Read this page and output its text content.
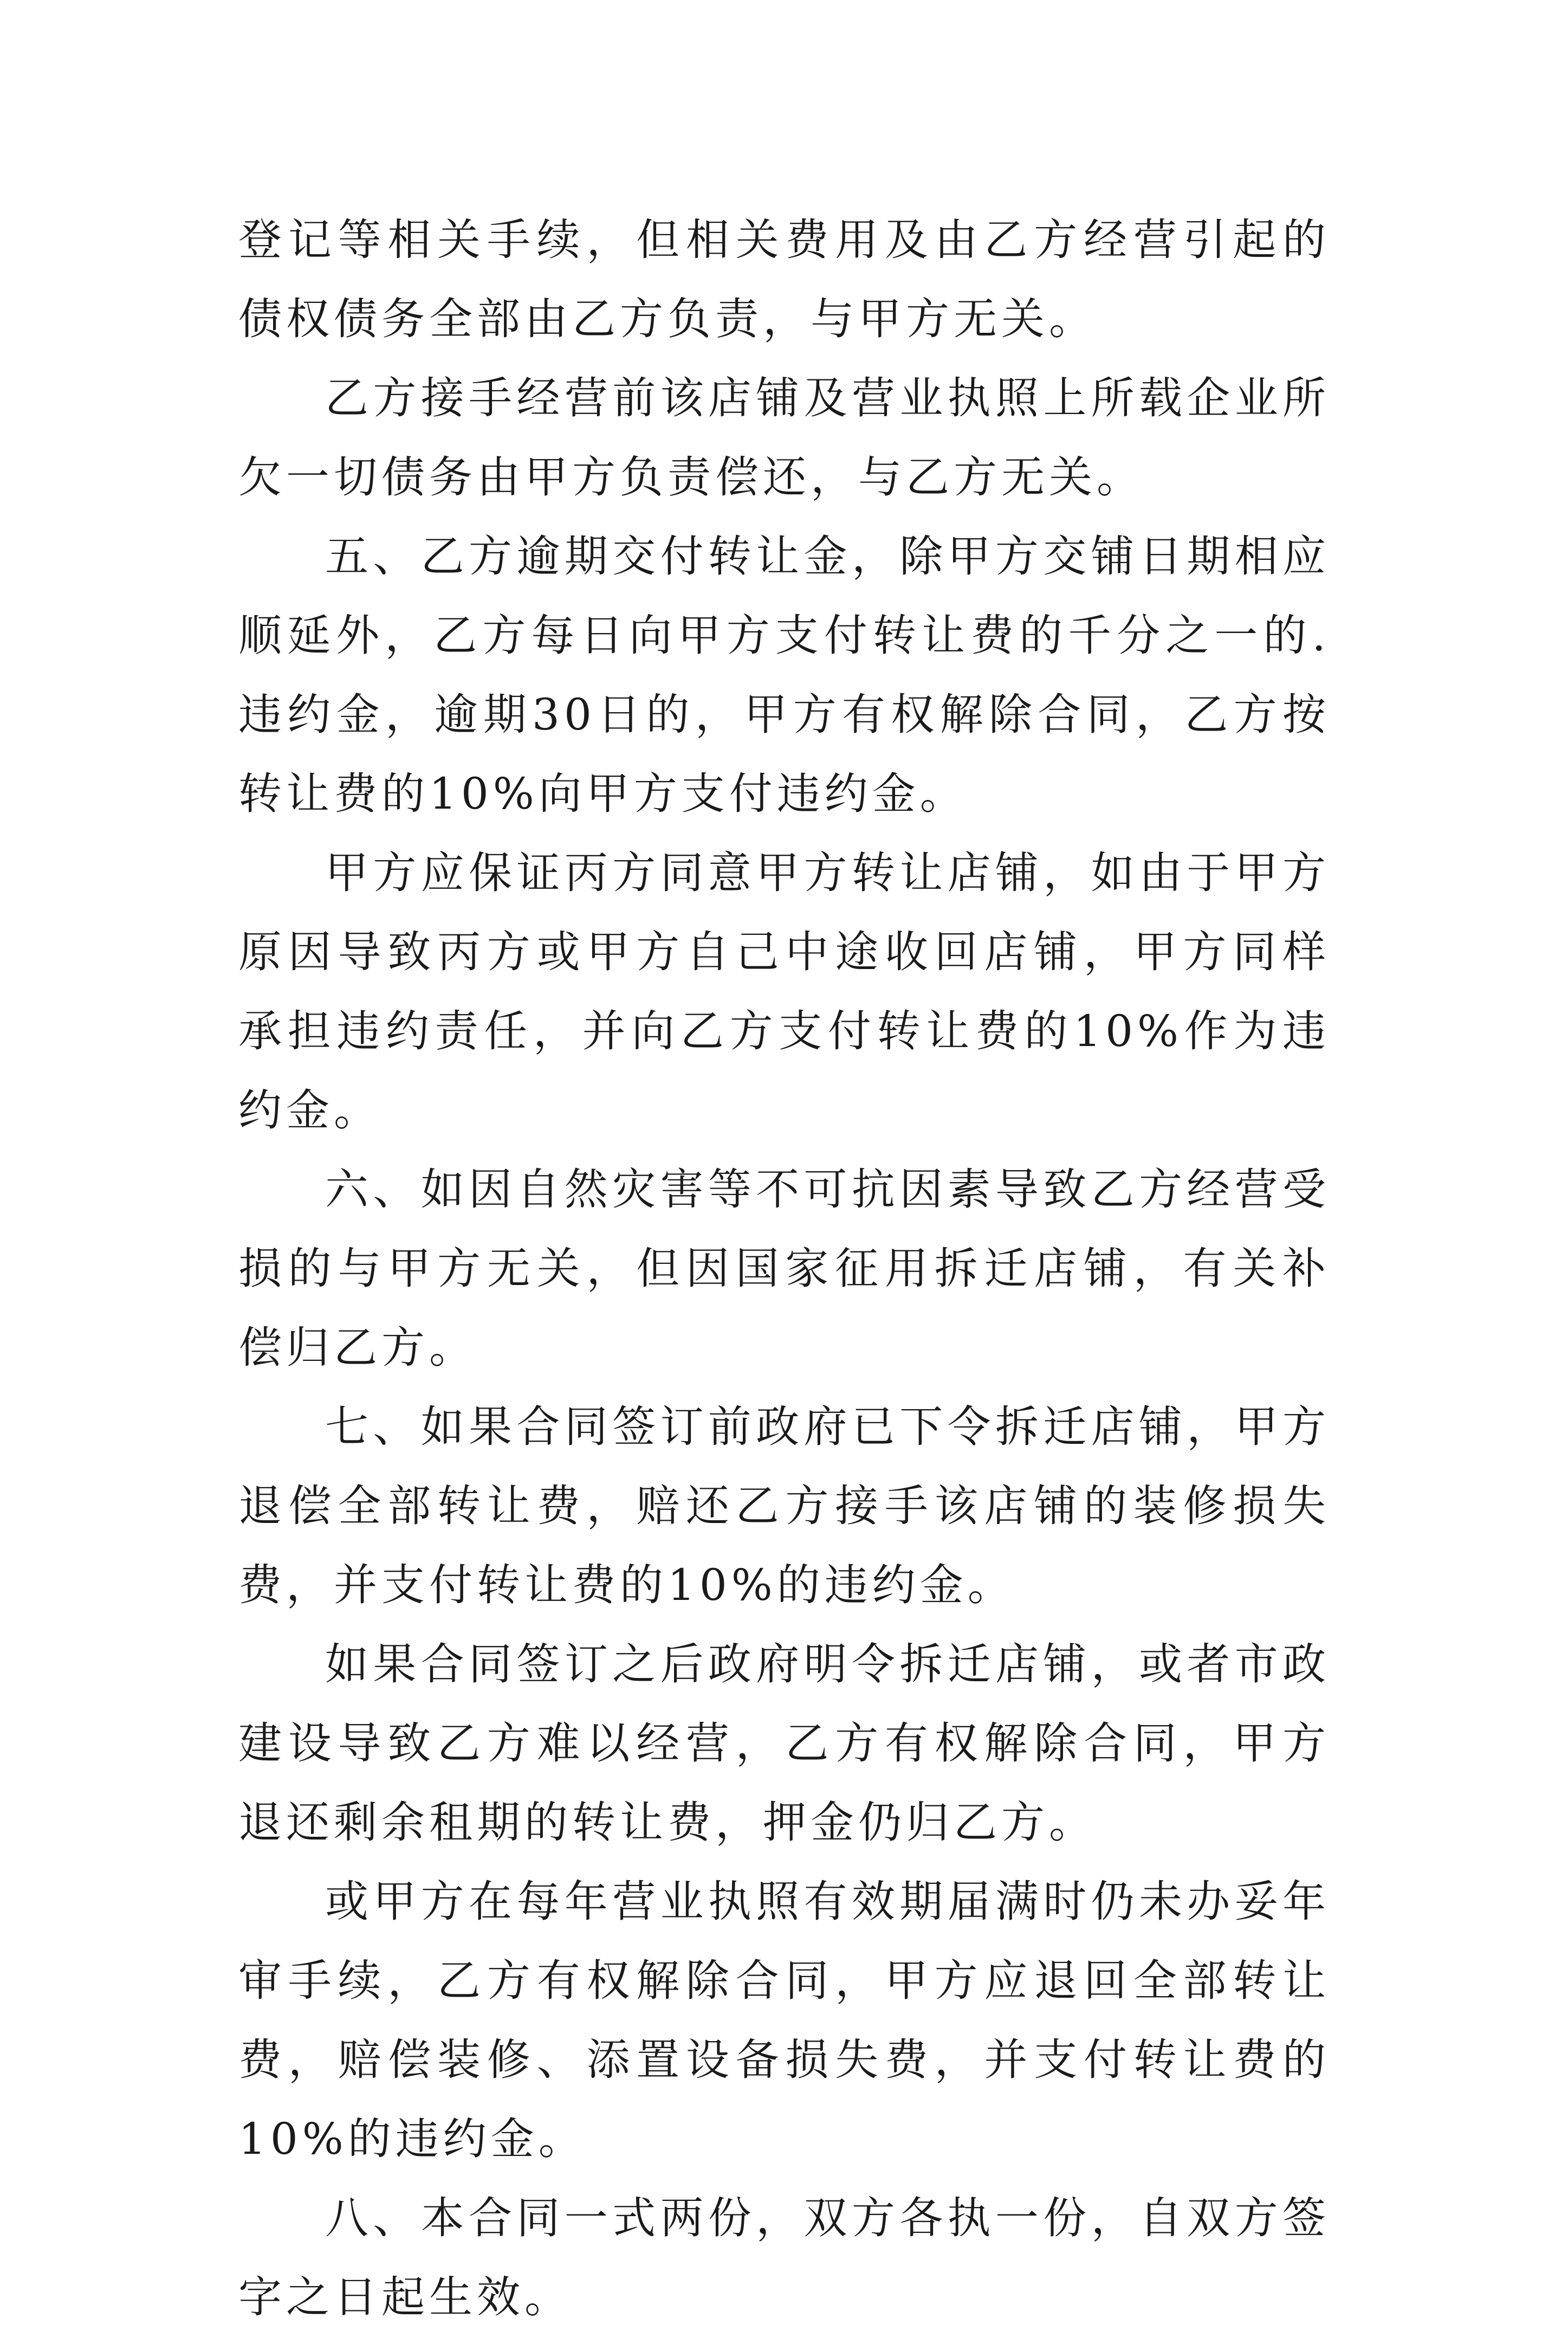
登记等相关手续，但相关费用及由乙方经营引起的债权债务全部由乙方负责，与甲方无关。

乙方接手经营前该店铺及营业执照上所载企业所欠一切债务由甲方负责偿还，与乙方无关。

五、乙方逾期交付转让金，除甲方交铺日期相应顺延外，乙方每日向甲方支付转让费的千分之一的.违约金，逾期30日的，甲方有权解除合同，乙方按转让费的10%向甲方支付违约金。

甲方应保证丙方同意甲方转让店铺，如由于甲方原因导致丙方或甲方自己中途收回店铺，甲方同样承担违约责任，并向乙方支付转让费的10%作为违约金。

六、如因自然灾害等不可抗因素导致乙方经营受损的与甲方无关，但因国家征用拆迁店铺，有关补偿归乙方。

七、如果合同签订前政府已下令拆迁店铺，甲方退偿全部转让费，赔还乙方接手该店铺的装修损失费，并支付转让费的10%的违约金。

如果合同签订之后政府明令拆迁店铺，或者市政建设导致乙方难以经营，乙方有权解除合同，甲方退还剩余租期的转让费，押金仍归乙方。

或甲方在每年营业执照有效期届满时仍未办妥年审手续，乙方有权解除合同，甲方应退回全部转让费，赔偿装修、添置设备损失费，并支付转让费的10%的违约金。

八、本合同一式两份，双方各执一份，自双方签字之日起生效。
